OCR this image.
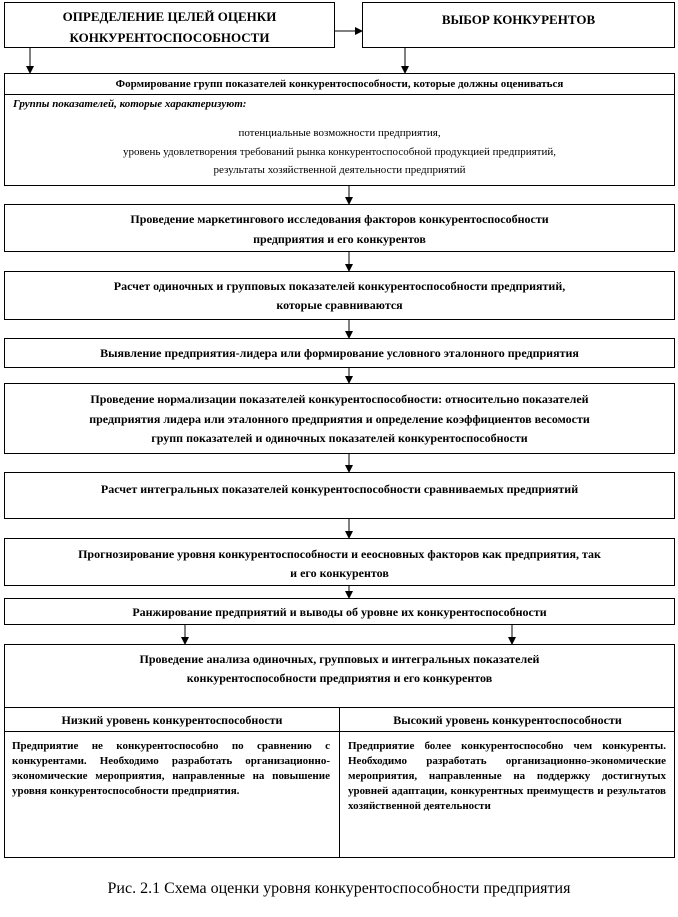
ОПРЕДЕЛЕНИЕ ЦЕЛЕЙ ОЦЕНКИ
КОНКУРЕНТОСПОСОБНОСТИ
ВЫБОР КОНКУРЕНТОВ
Формирование групп показателей конкурентоспособности, которые должны оцениваться
Группы показателей, которые характеризуют:
потенциальные возможности предприятия,
уровень удовлетворения требований рынка конкурентоспособной продукцией предприятий,
результаты хозяйственной деятельности предприятий
Проведение маркетингового исследования факторов конкурентоспособности
предприятия и его конкурентов
Расчет одиночных и групповых показателей конкурентоспособности предприятий,
которые сравниваются
Выявление предприятия-лидера или формирование условного эталонного предприятия
Проведение нормализации показателей конкурентоспособности: относительно показателей
предприятия лидера или эталонного предприятия и определение коэффициентов весомости
групп показателей и одиночных показателей конкурентоспособности
Расчет интегральных показателей конкурентоспособности сравниваемых предприятий
Прогнозирование уровня конкурентоспособности и ееосновных факторов как предприятия, так
и его конкурентов
Ранжирование предприятий и выводы об уровне их конкурентоспособности
Проведение анализа одиночных, групповых и интегральных показателей
конкурентоспособности предприятия и его конкурентов
Низкий уровень конкурентоспособности	Высокий уровень конкурентоспособности
Предприятие не конкурентоспособно по сравнению с конкурентами. Необходимо разработать организационно-экономические мероприятия, направленные на повышение уровня конкурентоспособности предприятия.
Предприятие более конкурентоспособно чем конкуренты. Необходимо разработать организационно-экономические мероприятия, направленные на поддержку достигнутых уровней адаптации, конкурентных преимуществ и результатов хозяйственной деятельности
Рис. 2.1 Схема оценки уровня конкурентоспособности предприятия
